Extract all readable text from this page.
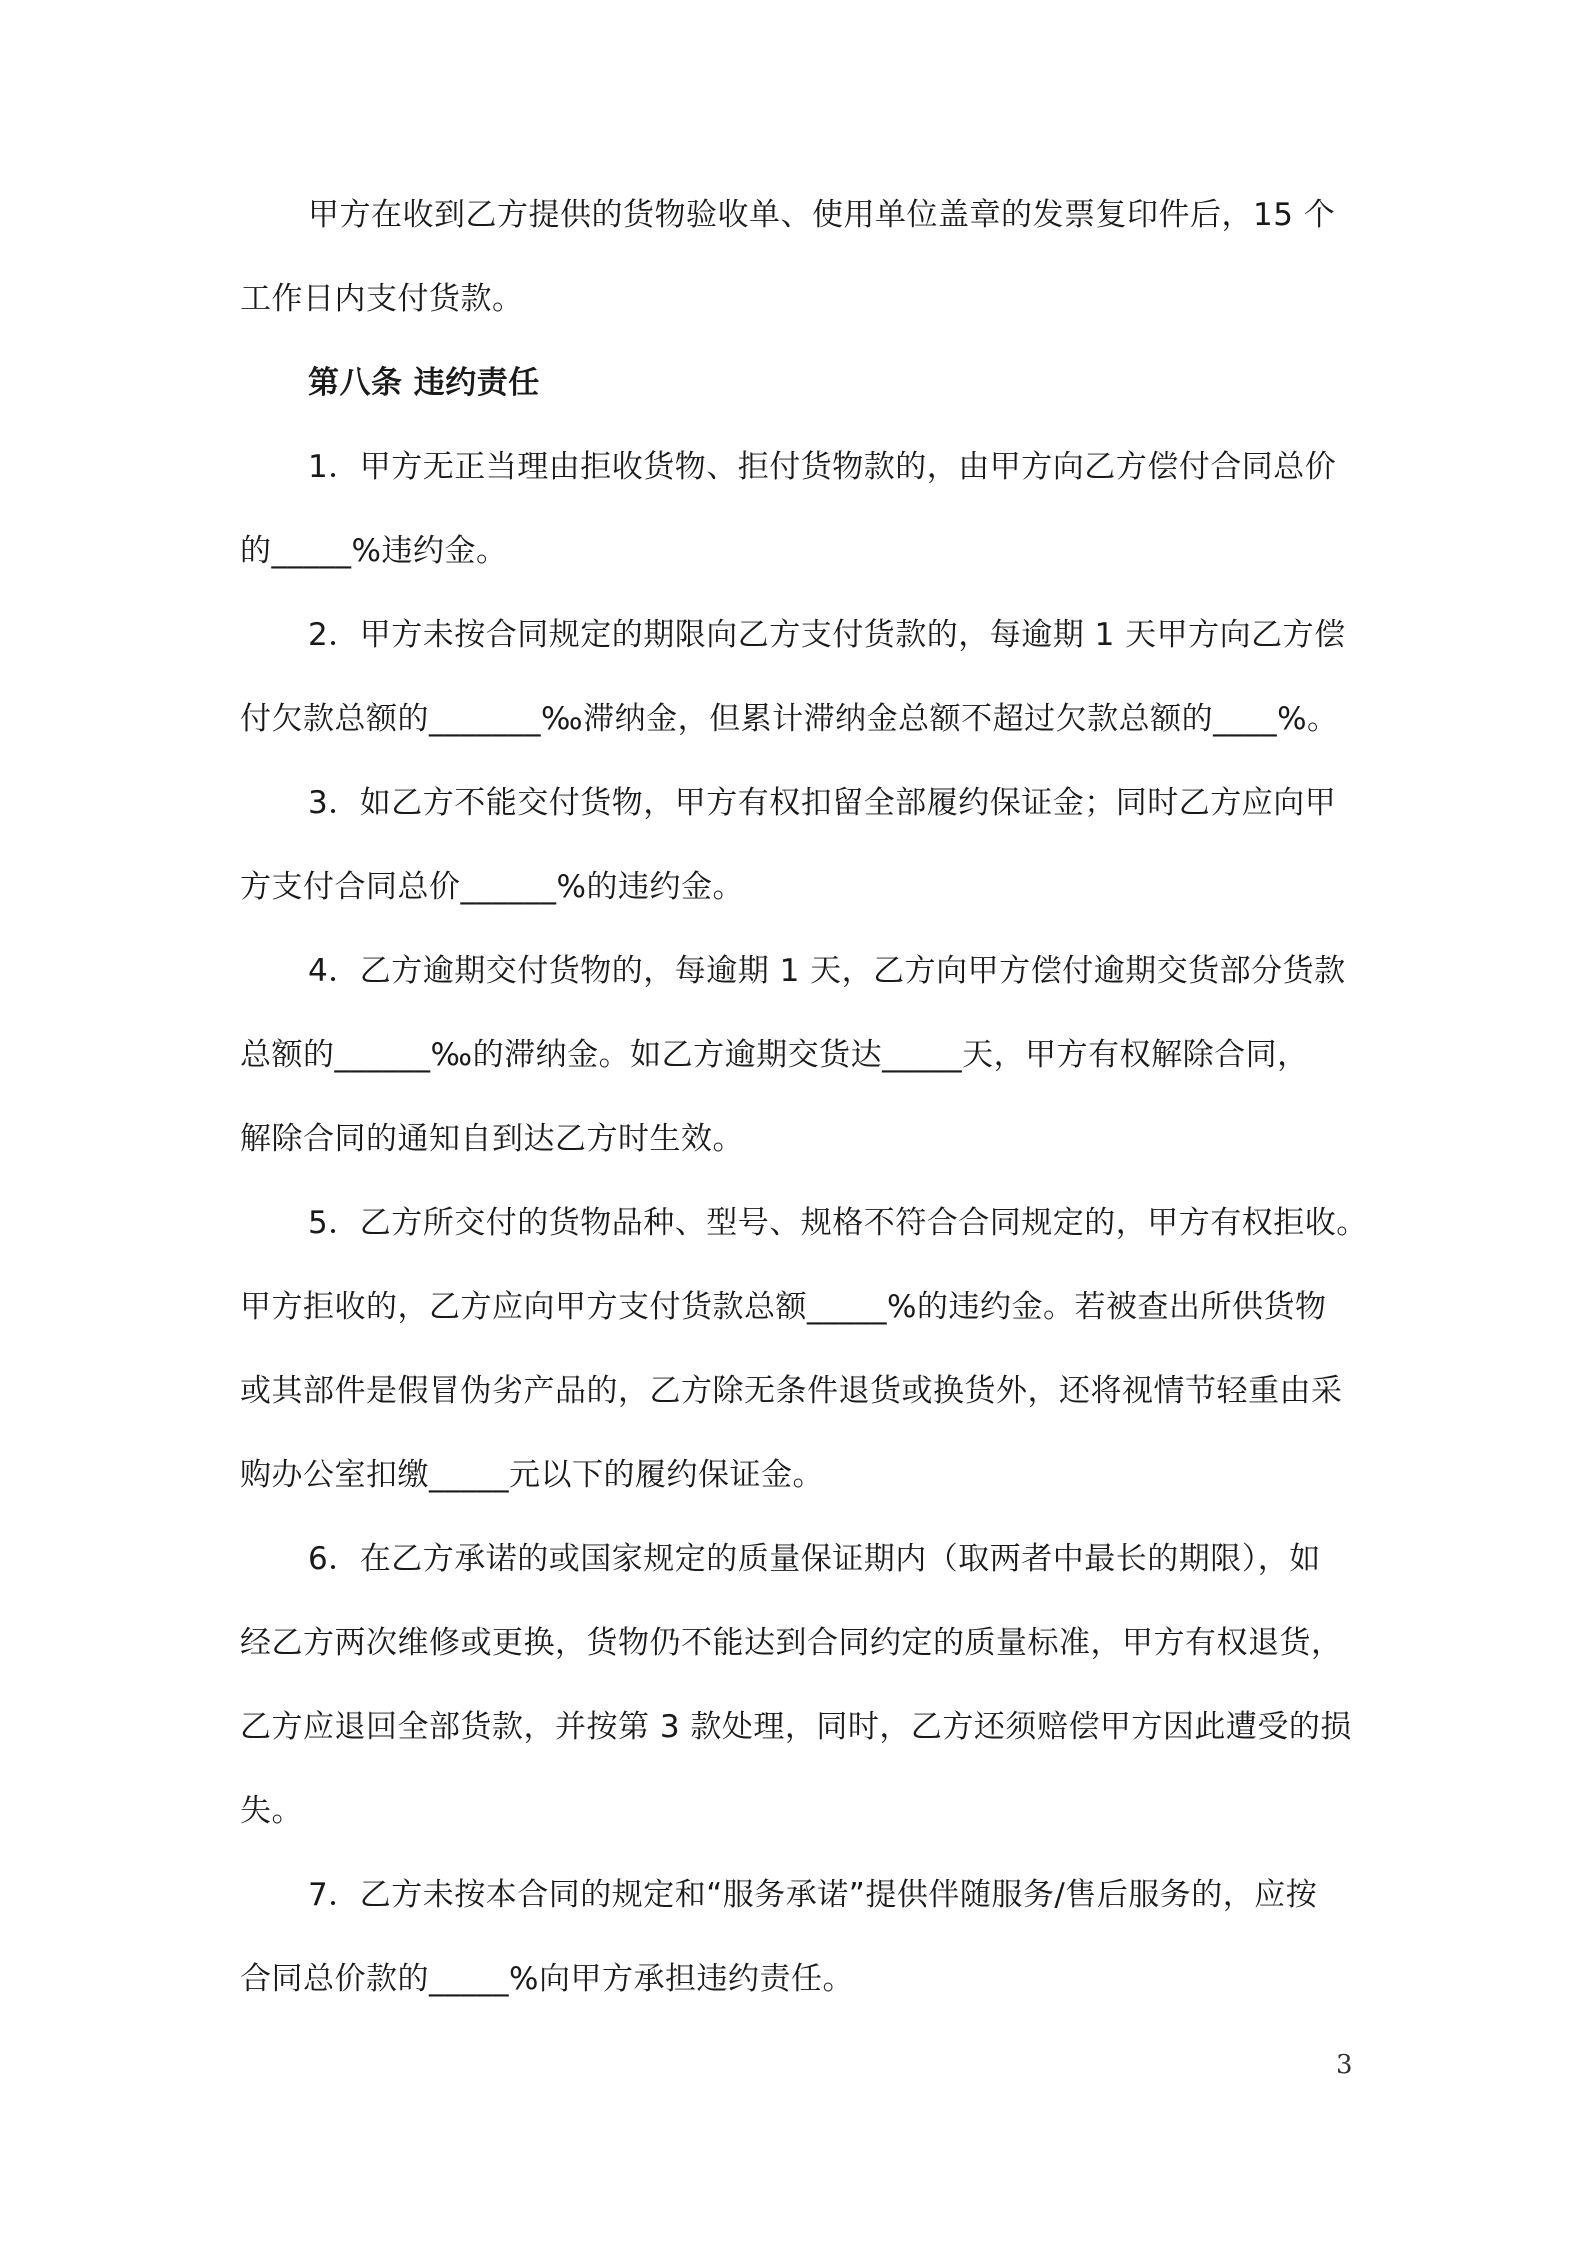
甲方在收到乙方提供的货物验收单、使用单位盖章的发票复印件后，15 个
工作日内支付货款。
第八条 违约责任
1．甲方无正当理由拒收货物、拒付货物款的，由甲方向乙方偿付合同总价
的_____%违约金。
2．甲方未按合同规定的期限向乙方支付货款的，每逾期 1 天甲方向乙方偿
付欠款总额的_______‰滞纳金，但累计滞纳金总额不超过欠款总额的____%。
3．如乙方不能交付货物，甲方有权扣留全部履约保证金；同时乙方应向甲
方支付合同总价______%的违约金。
4．乙方逾期交付货物的，每逾期 1 天，乙方向甲方偿付逾期交货部分货款
总额的______‰的滞纳金。如乙方逾期交货达_____天，甲方有权解除合同，
解除合同的通知自到达乙方时生效。
5．乙方所交付的货物品种、型号、规格不符合合同规定的，甲方有权拒收。
甲方拒收的，乙方应向甲方支付货款总额_____%的违约金。若被查出所供货物
或其部件是假冒伪劣产品的，乙方除无条件退货或换货外，还将视情节轻重由采
购办公室扣缴_____元以下的履约保证金。
6．在乙方承诺的或国家规定的质量保证期内（取两者中最长的期限），如
经乙方两次维修或更换，货物仍不能达到合同约定的质量标准，甲方有权退货，
乙方应退回全部货款，并按第 3 款处理，同时，乙方还须赔偿甲方因此遭受的损
失。
7．乙方未按本合同的规定和“服务承诺”提供伴随服务/售后服务的，应按
合同总价款的_____%向甲方承担违约责任。
3
